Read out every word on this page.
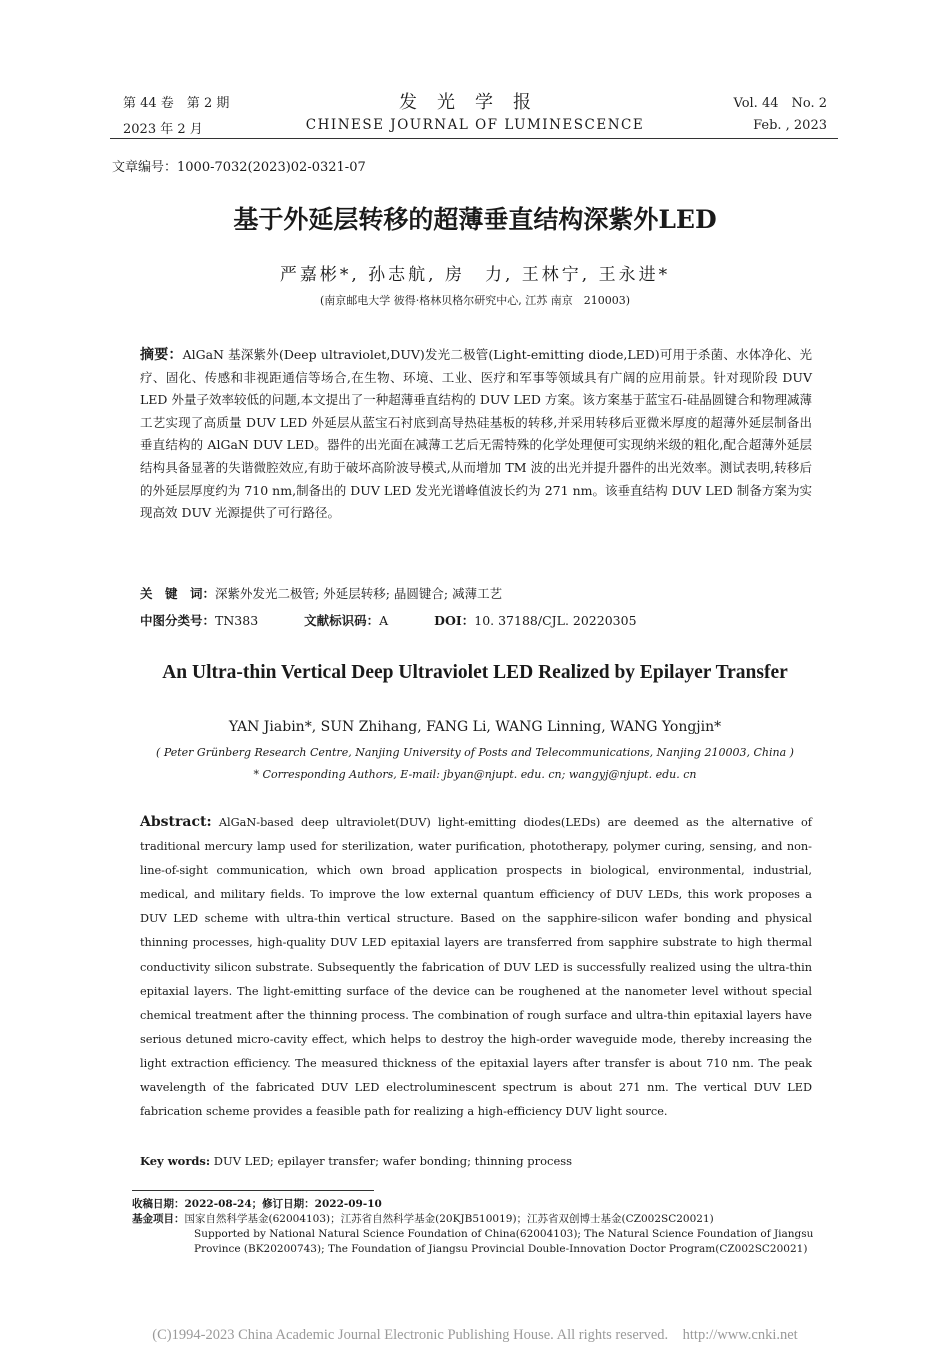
第 44 卷　第 2 期
2023 年 2 月
发光学报
CHINESE JOURNAL OF LUMINESCENCE
Vol. 44　No. 2
Feb. , 2023
文章编号：1000-7032(2023)02-0321-07
基于外延层转移的超薄垂直结构深紫外LED
严嘉彬*, 孙志航, 房　力, 王林宁, 王永进*
(南京邮电大学 彼得·格林贝格尔研究中心, 江苏 南京　210003)
摘要：AlGaN 基深紫外(Deep ultraviolet,DUV)发光二极管(Light-emitting diode,LED)可用于杀菌、水体净化、光疗、固化、传感和非视距通信等场合,在生物、环境、工业、医疗和军事等领域具有广阔的应用前景。针对现阶段 DUV LED 外量子效率较低的问题,本文提出了一种超薄垂直结构的 DUV LED 方案。该方案基于蓝宝石-硅晶圆键合和物理减薄工艺实现了高质量 DUV LED 外延层从蓝宝石衬底到高导热硅基板的转移,并采用转移后亚微米厚度的超薄外延层制备出垂直结构的 AlGaN DUV LED。器件的出光面在减薄工艺后无需特殊的化学处理便可实现纳米级的粗化,配合超薄外延层结构具备显著的失谐微腔效应,有助于破坏高阶波导模式,从而增加 TM 波的出光并提升器件的出光效率。测试表明,转移后的外延层厚度约为 710 nm,制备出的 DUV LED 发光光谱峰值波长约为 271 nm。该垂直结构 DUV LED 制备方案为实现高效 DUV 光源提供了可行路径。
关　键　词：深紫外发光二极管; 外延层转移; 晶圆键合; 减薄工艺
中图分类号：TN383	文献标识码：A	DOI：10. 37188/CJL. 20220305
An Ultra-thin Vertical Deep Ultraviolet LED Realized by Epilayer Transfer
YAN Jiabin*, SUN Zhihang, FANG Li, WANG Linning, WANG Yongjin*
( Peter Grünberg Research Centre, Nanjing University of Posts and Telecommunications, Nanjing 210003, China )
* Corresponding Authors, E-mail: jbyan@njupt. edu. cn; wangyj@njupt. edu. cn
Abstract: AlGaN-based deep ultraviolet(DUV) light-emitting diodes(LEDs) are deemed as the alternative of traditional mercury lamp used for sterilization, water purification, phototherapy, polymer curing, sensing, and non-line-of-sight communication, which own broad application prospects in biological, environmental, industrial, medical, and military fields. To improve the low external quantum efficiency of DUV LEDs, this work proposes a DUV LED scheme with ultra-thin vertical structure. Based on the sapphire-silicon wafer bonding and physical thinning processes, high-quality DUV LED epitaxial layers are transferred from sapphire substrate to high thermal conductivity silicon substrate. Subsequently the fabrication of DUV LED is successfully realized using the ultra-thin epitaxial layers. The light-emitting surface of the device can be roughened at the nanometer level without special chemical treatment after the thinning process. The combination of rough surface and ultra-thin epitaxial layers have serious detuned micro-cavity effect, which helps to destroy the high-order waveguide mode, thereby increasing the light extraction efficiency. The measured thickness of the epitaxial layers after transfer is about 710 nm. The peak wavelength of the fabricated DUV LED electroluminescent spectrum is about 271 nm. The vertical DUV LED fabrication scheme provides a feasible path for realizing a high-efficiency DUV light source.
Key words: DUV LED; epilayer transfer; wafer bonding; thinning process
收稿日期：2022-08-24；修订日期：2022-09-10
基金项目： 国家自然科学基金(62004103)；江苏省自然科学基金(20KJB510019)；江苏省双创博士基金(CZ002SC20021)
Supported by National Natural Science Foundation of China(62004103); The Natural Science Foundation of Jiangsu Province (BK20200743); The Foundation of Jiangsu Provincial Double-Innovation Doctor Program(CZ002SC20021)
(C)1994-2023 China Academic Journal Electronic Publishing House. All rights reserved.　http://www.cnki.net
